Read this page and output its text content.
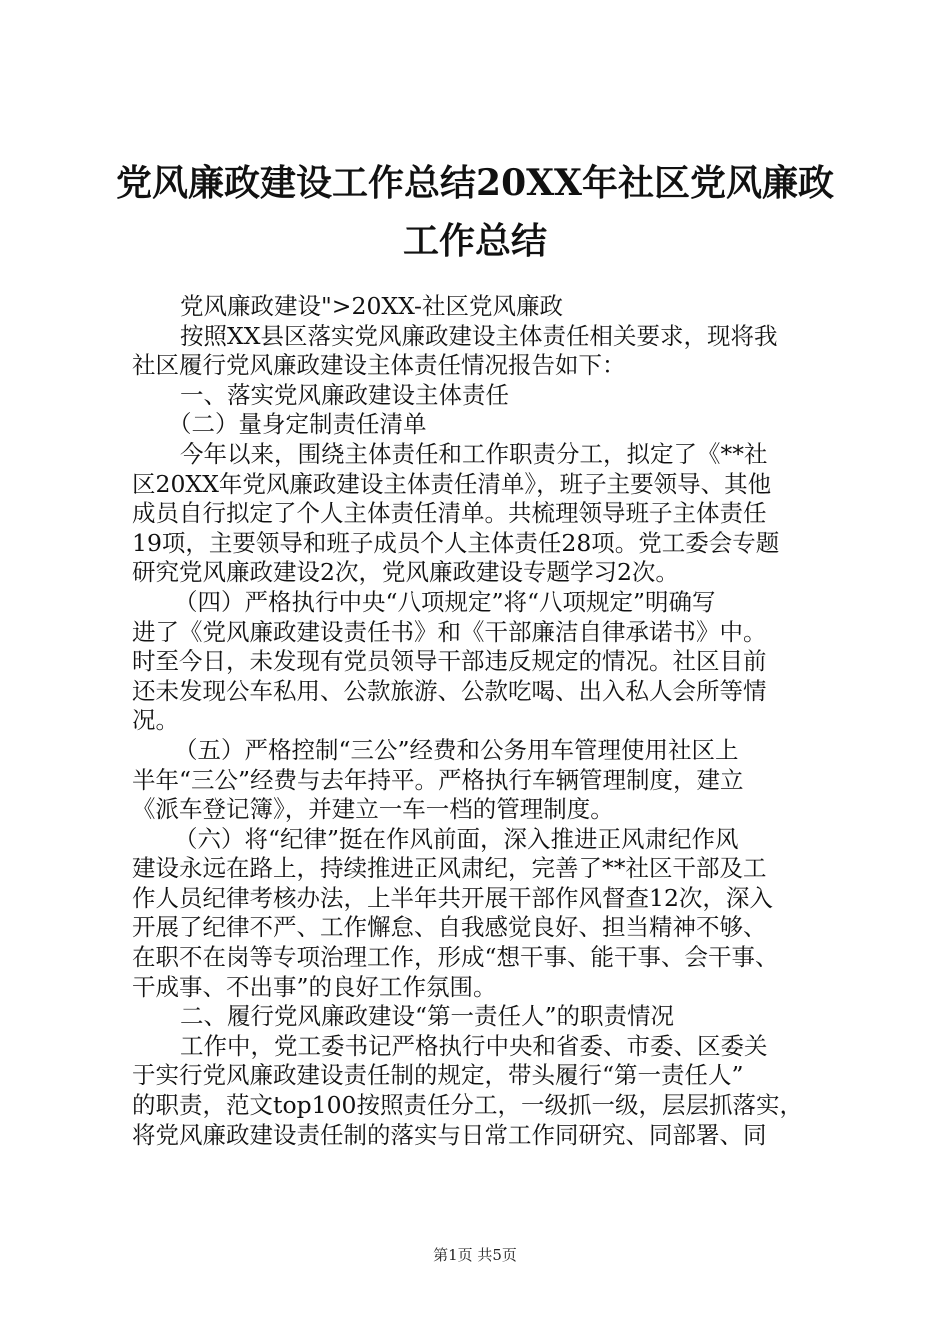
党风廉政建设工作总结20XX年社区党风廉政
工作总结
党风廉政建设">20XX-社区党风廉政
按照XX县区落实党风廉政建设主体责任相关要求，现将我
社区履行党风廉政建设主体责任情况报告如下：
一、落实党风廉政建设主体责任
（二）量身定制责任清单
今年以来，围绕主体责任和工作职责分工，拟定了《**社
区20XX年党风廉政建设主体责任清单》，班子主要领导、其他
成员自行拟定了个人主体责任清单。共梳理领导班子主体责任
19项，主要领导和班子成员个人主体责任28项。党工委会专题
研究党风廉政建设2次，党风廉政建设专题学习2次。
（四）严格执行中央“八项规定”将“八项规定”明确写
进了《党风廉政建设责任书》和《干部廉洁自律承诺书》中。
时至今日，未发现有党员领导干部违反规定的情况。社区目前
还未发现公车私用、公款旅游、公款吃喝、出入私人会所等情
况。
（五）严格控制“三公”经费和公务用车管理使用社区上
半年“三公”经费与去年持平。严格执行车辆管理制度，建立
《派车登记簿》，并建立一车一档的管理制度。
（六）将“纪律”挺在作风前面，深入推进正风肃纪作风
建设永远在路上，持续推进正风肃纪，完善了**社区干部及工
作人员纪律考核办法，上半年共开展干部作风督查12次，深入
开展了纪律不严、工作懈怠、自我感觉良好、担当精神不够、
在职不在岗等专项治理工作，形成“想干事、能干事、会干事、
干成事、不出事”的良好工作氛围。
二、履行党风廉政建设“第一责任人”的职责情况
工作中，党工委书记严格执行中央和省委、市委、区委关
于实行党风廉政建设责任制的规定，带头履行“第一责任人”
的职责，范文top100按照责任分工，一级抓一级，层层抓落实，
将党风廉政建设责任制的落实与日常工作同研究、同部署、同
第1页 共5页
